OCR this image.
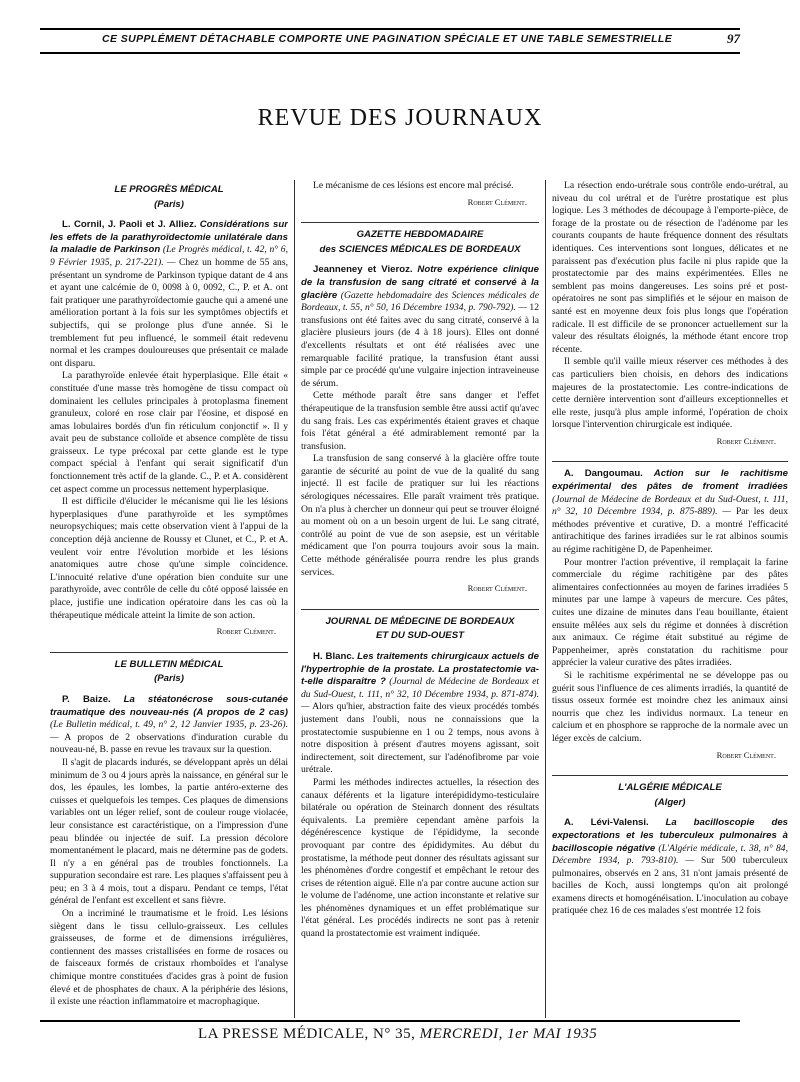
CE SUPPLÉMENT DÉTACHABLE COMPORTE UNE PAGINATION SPÉCIALE ET UNE TABLE SEMESTRIELLE	97
REVUE DES JOURNAUX
LE PROGRÈS MÉDICAL
(Paris)

L. Cornil, J. Paoli et J. Alliez. Considérations sur les effets de la parathyroïdectomie unilatérale dans la maladie de Parkinson (Le Progrès médical, t. 42, n° 6, 9 Février 1935, p. 217-221). — Chez un homme de 55 ans, présentant un syndrome de Parkinson typique datant de 4 ans et ayant une calcémie de 0, 0098 à 0, 0092, C., P. et A. ont fait pratiquer une parathyroïdectomie gauche qui a amené une amélioration portant à la fois sur les symptômes objectifs et subjectifs, qui se prolonge plus d'une année. Si le tremblement fut peu influencé, le sommeil était redevenu normal et les crampes douloureuses que présentait ce malade ont disparu.

La parathyroïde enlevée était hyperplasique. Elle était « constituée d'une masse très homogène de tissu compact où dominaient les cellules principales à protoplasma finement granuleux, coloré en rose clair par l'éosine, et disposé en amas lobulaires bordés d'un fin réticulum conjonctif ». Il y avait peu de substance colloïde et absence complète de tissu graisseux. Le type précoxal par cette glande est le type compact spécial à l'enfant qui serait significatif d'un fonctionnement très actif de la glande. C., P. et A. considèrent cet aspect comme un processus nettement hyperplasique.

Il est difficile d'élucider le mécanisme qui lie les lésions hyperplasiques d'une parathyroïde et les symptômes neuropsychiques; mais cette observation vient à l'appui de la conception déjà ancienne de Roussy et Clunet, et C., P. et A. veulent voir entre l'évolution morbide et les lésions anatomiques autre chose qu'une simple coïncidence. L'innocuité relative d'une opération bien conduite sur une parathyroïde, avec contrôle de celle du côté opposé laissée en place, justifie une indication opératoire dans les cas où la thérapeutique médicale atteint la limite de son action.

Robert Clément.
LE BULLETIN MÉDICAL
(Paris)

P. Baize. La stéatonécrose sous-cutanée traumatique des nouveau-nés (A propos de 2 cas) (Le Bulletin médical, t. 49, n° 2, 12 Janvier 1935, p. 23-26). — A propos de 2 observations d'induration curable du nouveau-né, B. passe en revue les travaux sur la question.

Il s'agit de placards indurés, se développant après un délai minimum de 3 ou 4 jours après la naissance, en général sur le dos, les épaules, les lombes, la partie antéro-externe des cuisses et quelquefois les tempes. Ces plaques de dimensions variables ont un léger relief, sont de couleur rouge violacée, leur consistance est caractéristique, on a l'impression d'une peau blindée ou injectée de suif. La pression décolore momentanément le placard, mais ne détermine pas de godets. Il n'y a en général pas de troubles fonctionnels. La suppuration secondaire est rare. Les plaques s'affaissent peu à peu; en 3 à 4 mois, tout a disparu. Pendant ce temps, l'état général de l'enfant est excellent et sans fièvre.

On a incriminé le traumatisme et le froid. Les lésions siègent dans le tissu cellulo-graisseux. Les cellules graisseuses, de forme et de dimensions irrégulières, contiennent des masses cristallisées en forme de rosaces ou de faisceaux formés de cristaux rhomboïdes et l'analyse chimique montre constituées d'acides gras à point de fusion élevé et de phosphates de chaux. A la périphérie des lésions, il existe une réaction inflammatoire et macrophagique.

Le mécanisme de ces lésions est encore mal précisé.

Robert Clément.
GAZETTE HEBDOMADAIRE
des SCIENCES MÉDICALES DE BORDEAUX

Jeanneney et Vieroz. Notre expérience clinique de la transfusion de sang citraté et conservé à la glacière (Gazette hebdomadaire des Sciences médicales de Bordeaux, t. 55, n° 50, 16 Décembre 1934, p. 790-792). — 12 transfusions ont été faites avec du sang citraté, conservé à la glacière plusieurs jours (de 4 à 18 jours). Elles ont donné d'excellents résultats et ont été réalisées avec une remarquable facilité pratique, la transfusion étant aussi simple par ce procédé qu'une vulgaire injection intraveineuse de sérum.

Cette méthode paraît être sans danger et l'effet thérapeutique de la transfusion semble être aussi actif qu'avec du sang frais. Les cas expérimentés étaient graves et chaque fois l'état général a été admirablement remonté par la transfusion.

La transfusion de sang conservé à la glacière offre toute garantie de sécurité au point de vue de la qualité du sang injecté. Il est facile de pratiquer sur lui les réactions sérologiques nécessaires. Elle paraît vraiment très pratique. On n'a plus à chercher un donneur qui peut se trouver éloigné au moment où on a un besoin urgent de lui. Le sang citraté, contrôlé au point de vue de son asepsie, est un véritable médicament que l'on pourra toujours avoir sous la main. Cette méthode généralisée pourra rendre les plus grands services.

Robert Clément.
JOURNAL DE MÉDECINE DE BORDEAUX
ET DU SUD-OUEST

H. Blanc. Les traitements chirurgicaux actuels de l'hypertrophie de la prostate. La prostatectomie va-t-elle disparaître ? (Journal de Médecine de Bordeaux et du Sud-Ouest, t. 111, n° 32, 10 Décembre 1934, p. 871-874). — Alors qu'hier, abstraction faite des vieux procédés tombés justement dans l'oubli, nous ne connaissions que la prostatectomie suspubienne en 1 ou 2 temps, nous avons à notre disposition à présent d'autres moyens agissant, soit indirectement, soit directement, sur l'adénofibrome par voie urétrale.

Parmi les méthodes indirectes actuelles, la résection des canaux déférents et la ligature interépididymo-testiculaire bilatérale ou opération de Steinarch donnent des résultats équivalents. La première cependant amène parfois la dégénérescence kystique de l'épididyme, la seconde provoquant par contre des épididymites. Au début du prostatisme, la méthode peut donner des résultats agissant sur les phénomènes d'ordre congestif et empêchant le retour des crises de rétention aiguë. Elle n'a par contre aucune action sur le volume de l'adénome, une action inconstante et relative sur les phénomènes dynamiques et un effet problématique sur l'état général. Les procédés indirects ne sont pas à retenir quand la prostatectomie est vraiment indiquée.

La résection endo-urétrale sous contrôle endo-urétral, au niveau du col urétral et de l'urètre prostatique est plus logique. Les 3 méthodes de découpage à l'emporte-pièce, de forage de la prostate ou de résection de l'adénome par les courants coupants de haute fréquence donnent des résultats identiques. Ces interventions sont longues, délicates et ne paraissent pas d'exécution plus facile ni plus rapide que la prostatectomie par des mains expérimentées. Elles ne semblent pas moins dangereuses. Les soins pré et post-opératoires ne sont pas simplifiés et le séjour en maison de santé est en moyenne deux fois plus longs que l'opération radicale. Il est difficile de se prononcer actuellement sur la valeur des résultats éloignés, la méthode étant encore trop récente.

Il semble qu'il vaille mieux réserver ces méthodes à des cas particuliers bien choisis, en dehors des indications majeures de la prostatectomie. Les contre-indications de cette dernière intervention sont d'ailleurs exceptionnelles et elle reste, jusqu'à plus ample informé, l'opération de choix lorsque l'intervention chirurgicale est indiquée.

Robert Clément.

A. Dangoumau. Action sur le rachitisme expérimental des pâtes de froment irradiées (Journal de Médecine de Bordeaux et du Sud-Ouest, t. 111, n° 32, 10 Décembre 1934, p. 875-889). — Par les deux méthodes préventive et curative, D. a montré l'efficacité antirachitique des farines irradiées sur le rat albinos soumis au régime rachitigène D, de Papenheimer.

Pour montrer l'action préventive, il remplaçait la farine commerciale du régime rachitigène par des pâtes alimentaires confectionnées au moyen de farines irradiées 5 minutes par une lampe à vapeurs de mercure. Ces pâtes, cuites une dizaine de minutes dans l'eau bouillante, étaient ensuite mêlées aux sels du régime et données à discrétion aux animaux. Ce régime était substitué au régime de Pappenheimer, après constatation du rachitisme pour apprécier la valeur curative des pâtes irradiées.

Si le rachitisme expérimental ne se développe pas ou guérit sous l'influence de ces aliments irradiés, la quantité de tissus osseux formée est moindre chez les animaux ainsi nourris que chez les individus normaux. La teneur en calcium et en phosphore se rapproche de la normale avec un léger excès de calcium.

Robert Clément.
L'ALGÉRIE MÉDICALE
(Alger)

A. Lévi-Valensi. La bacilloscopie des expectorations et les tuberculeux pulmonaires à bacilloscopie négative (L'Algérie médicale, t. 38, n° 84, Décembre 1934, p. 793-810). — Sur 500 tuberculeux pulmonaires, observés en 2 ans, 31 n'ont jamais présenté de bacilles de Koch, aussi longtemps qu'on ait prolongé examens directs et homogénéisation. L'inoculation au cobaye pratiquée chez 16 de ces malades s'est montrée 12 fois

LA PRESSE MÉDICALE, N° 35, MERCREDI, 1er MAI 1935
